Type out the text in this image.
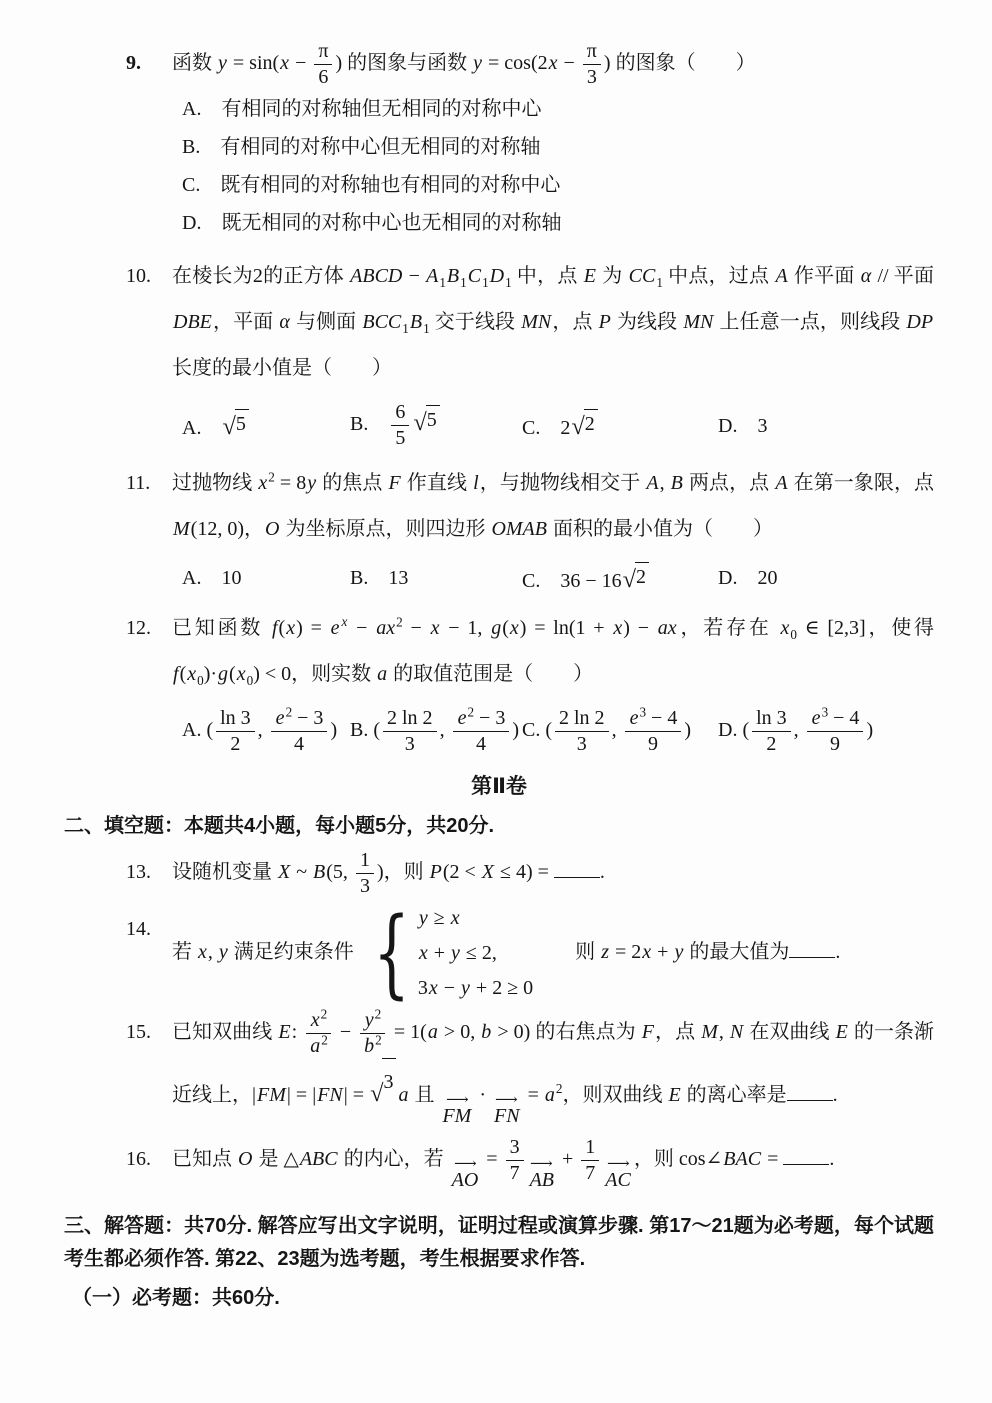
9.	函数 $y = \sin(x - \frac{\pi}{6}$ ) 的图象与函数 $y = \cos(2x - \frac{\pi}{3}$ ) 的图象（　　）
A.　有相同的对称轴但无相同的对称中心
B.　有相同的对称中心但无相同的对称轴
C.　既有相同的对称轴也有相同的对称中心
D.　既无相同的对称中心也无相同的对称轴
10.	在棱长为2的正方体 ABCD − $A_1B_1C_1D_1$ 中，点 E 为 $CC_1$ 中点，过点 A 作平面 α // 平面 DBE，平面 α 与侧面 $BCC_1B_1$ 交于线段 MN，点 P 为线段 MN 上任意一点，则线段 DP 长度的最小值是（　　）
A.　 √ 5	B.　 $\frac{6}{5}$ √ 5	C.　2 √ 2	D.　3
11.	过抛物线 $x^2 = 8y$ 的焦点 F 作直线 l，与抛物线相交于 A, B 两点，点 A 在第一象限，点 M(12, 0)，O 为坐标原点，则四边形 OMAB 面积的最小值为（　　）
A.　10	B.　13	C.　36 − 16 √ 2	D.　20
12.	已知函数 f(x) = e $^x - ax^2 - x - 1$, g(x) = ln(1 + x) − ax，若存在 $x_0$ ∈ [2,3]，使得 $f(x_0)\cdot g(x_0) < 0$，则实数 a 的取值范围是（　　）
A. ( $\frac{\ln 3}{2}$ , $\frac{e^2 - 3}{4}$ ) B. ( $\frac{2 \ln 2}{3}$ , $\frac{e^2 - 3}{4}$ ) C. ( $\frac{2 \ln 2}{3}$ , $\frac{e^3 - 4}{9}$ )	D. ( $\frac{\ln 3}{2}$ , $\frac{e^3 - 4}{9}$ )
第Ⅱ卷

二、填空题：本题共4小题，每小题5分，共20分.

13.	设随机变量 X ~ B(5, $\frac{1}{3}$ )，则 P(2 < X ≤ 4) = .
14.
若 x, y 满足约束条件 { y ≥ x
x + y ≤ 2,
3x − y + 2 ≥ 0
　　则 z = 2x + y 的最大值为 .
15.	已知双曲线 E: $\frac{x^2}{a^2} - \frac{y^2}{b^2} = 1(a > 0$, b > 0) 的右焦点为 F，点 M, N 在双曲线 E 的一条渐近线上，|FM| = |FN| = √ 3
a 且 ⟶
FM
· ⟶
FN
= $a^2$，则双曲线 E 的离心率是 .
16.	已知点 O 是 △ABC 的内心，若 ⟶
AO
= $\frac{3}{7}$ ⟶
AB
+ $\frac{1}{7}$ ⟶
AC
，则 cos∠BAC = .

三、解答题：共70分. 解答应写出文字说明，证明过程或演算步骤. 第17～21题为必考题，每个试题考生都必须作答. 第22、23题为选考题，考生根据要求作答.

（一）必考题：共60分.
